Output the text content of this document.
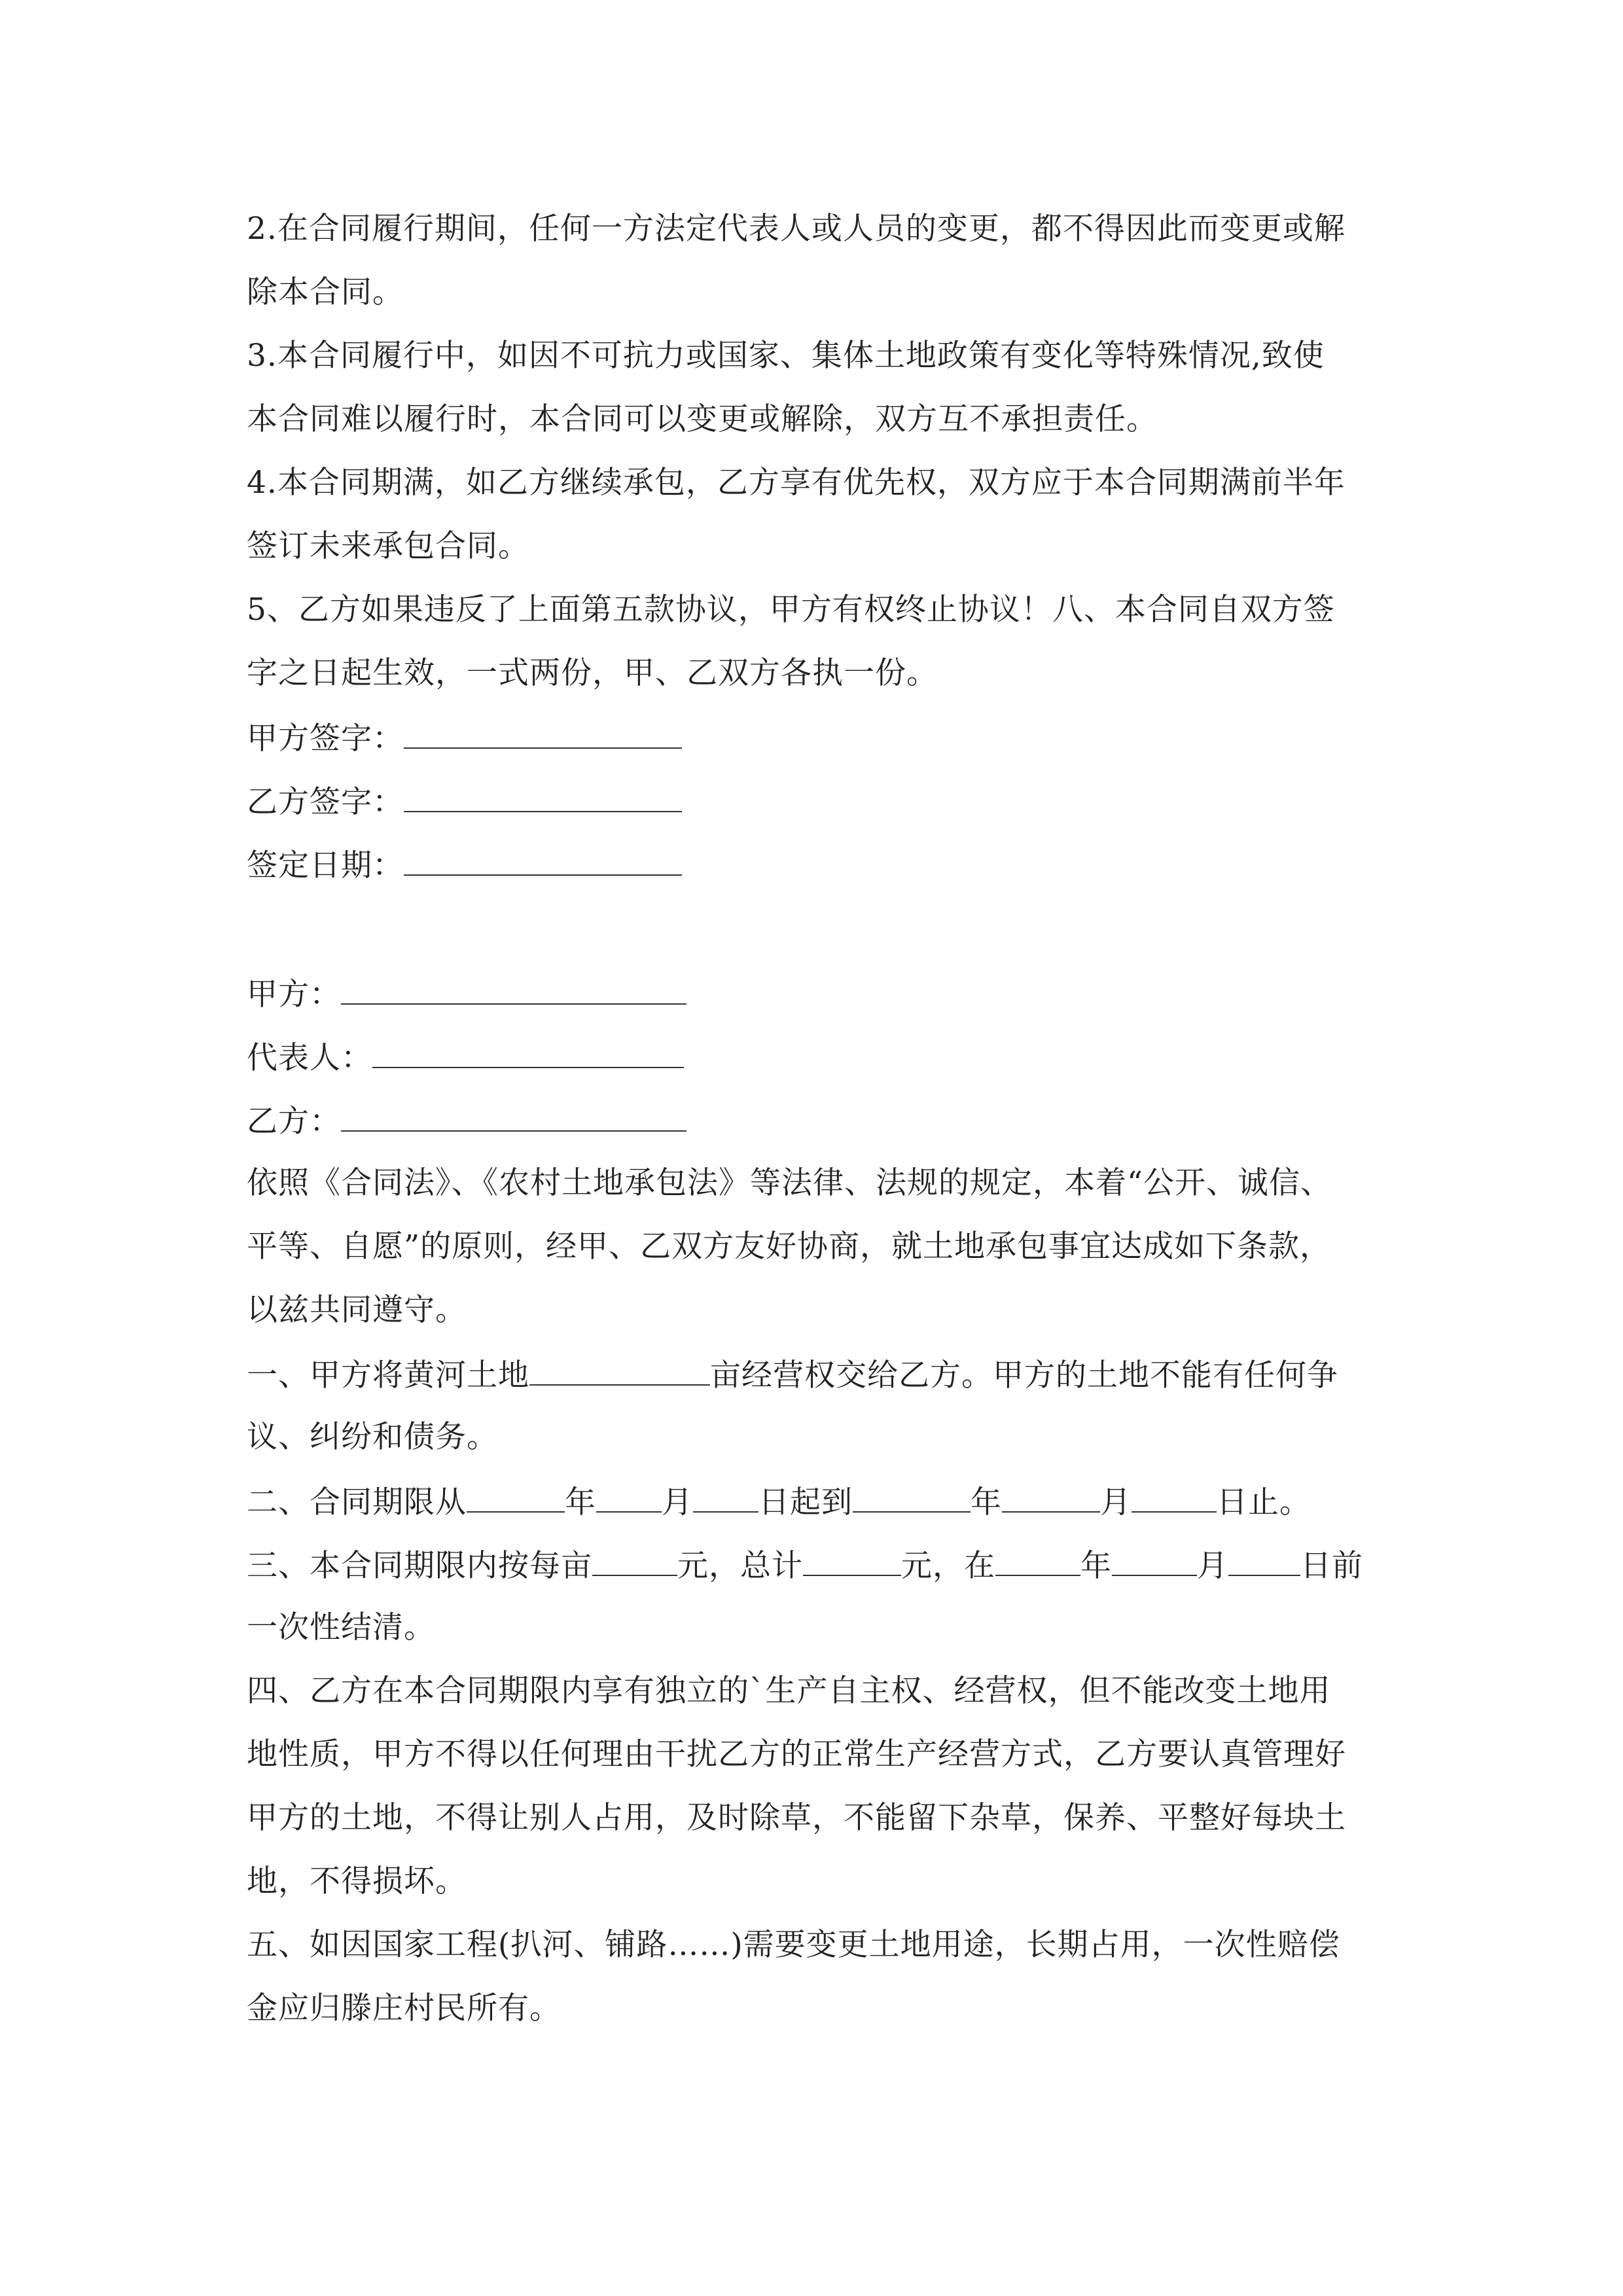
2.在合同履行期间，任何一方法定代表人或人员的变更，都不得因此而变更或解
除本合同。
3.本合同履行中，如因不可抗力或国家、集体土地政策有变化等特殊情况,致使
本合同难以履行时，本合同可以变更或解除，双方互不承担责任。
4.本合同期满，如乙方继续承包，乙方享有优先权，双方应于本合同期满前半年
签订未来承包合同。
5、乙方如果违反了上面第五款协议，甲方有权终止协议！八、本合同自双方签
字之日起生效，一式两份，甲、乙双方各执一份。
甲方签字：
乙方签字：
签定日期：
甲方：
代表人：
乙方：
依照《合同法》、《农村土地承包法》等法律、法规的规定，本着“公开、诚信、
平等、自愿”的原则，经甲、乙双方友好协商，就土地承包事宜达成如下条款，
以兹共同遵守。
一、甲方将黄河土地	亩经营权交给乙方。甲方的土地不能有任何争
议、纠纷和债务。
二、合同期限从	年 月 日起到	年	月	日止。
三、本合同期限内按每亩	元，总计	元，在	年	月 日前
一次性结清。
四、乙方在本合同期限内享有独立的`生产自主权、经营权，但不能改变土地用
地性质，甲方不得以任何理由干扰乙方的正常生产经营方式，乙方要认真管理好
甲方的土地，不得让别人占用，及时除草，不能留下杂草，保养、平整好每块土
地，不得损坏。
五、如因国家工程(扒河、铺路……)需要变更土地用途，长期占用，一次性赔偿
金应归滕庄村民所有。
